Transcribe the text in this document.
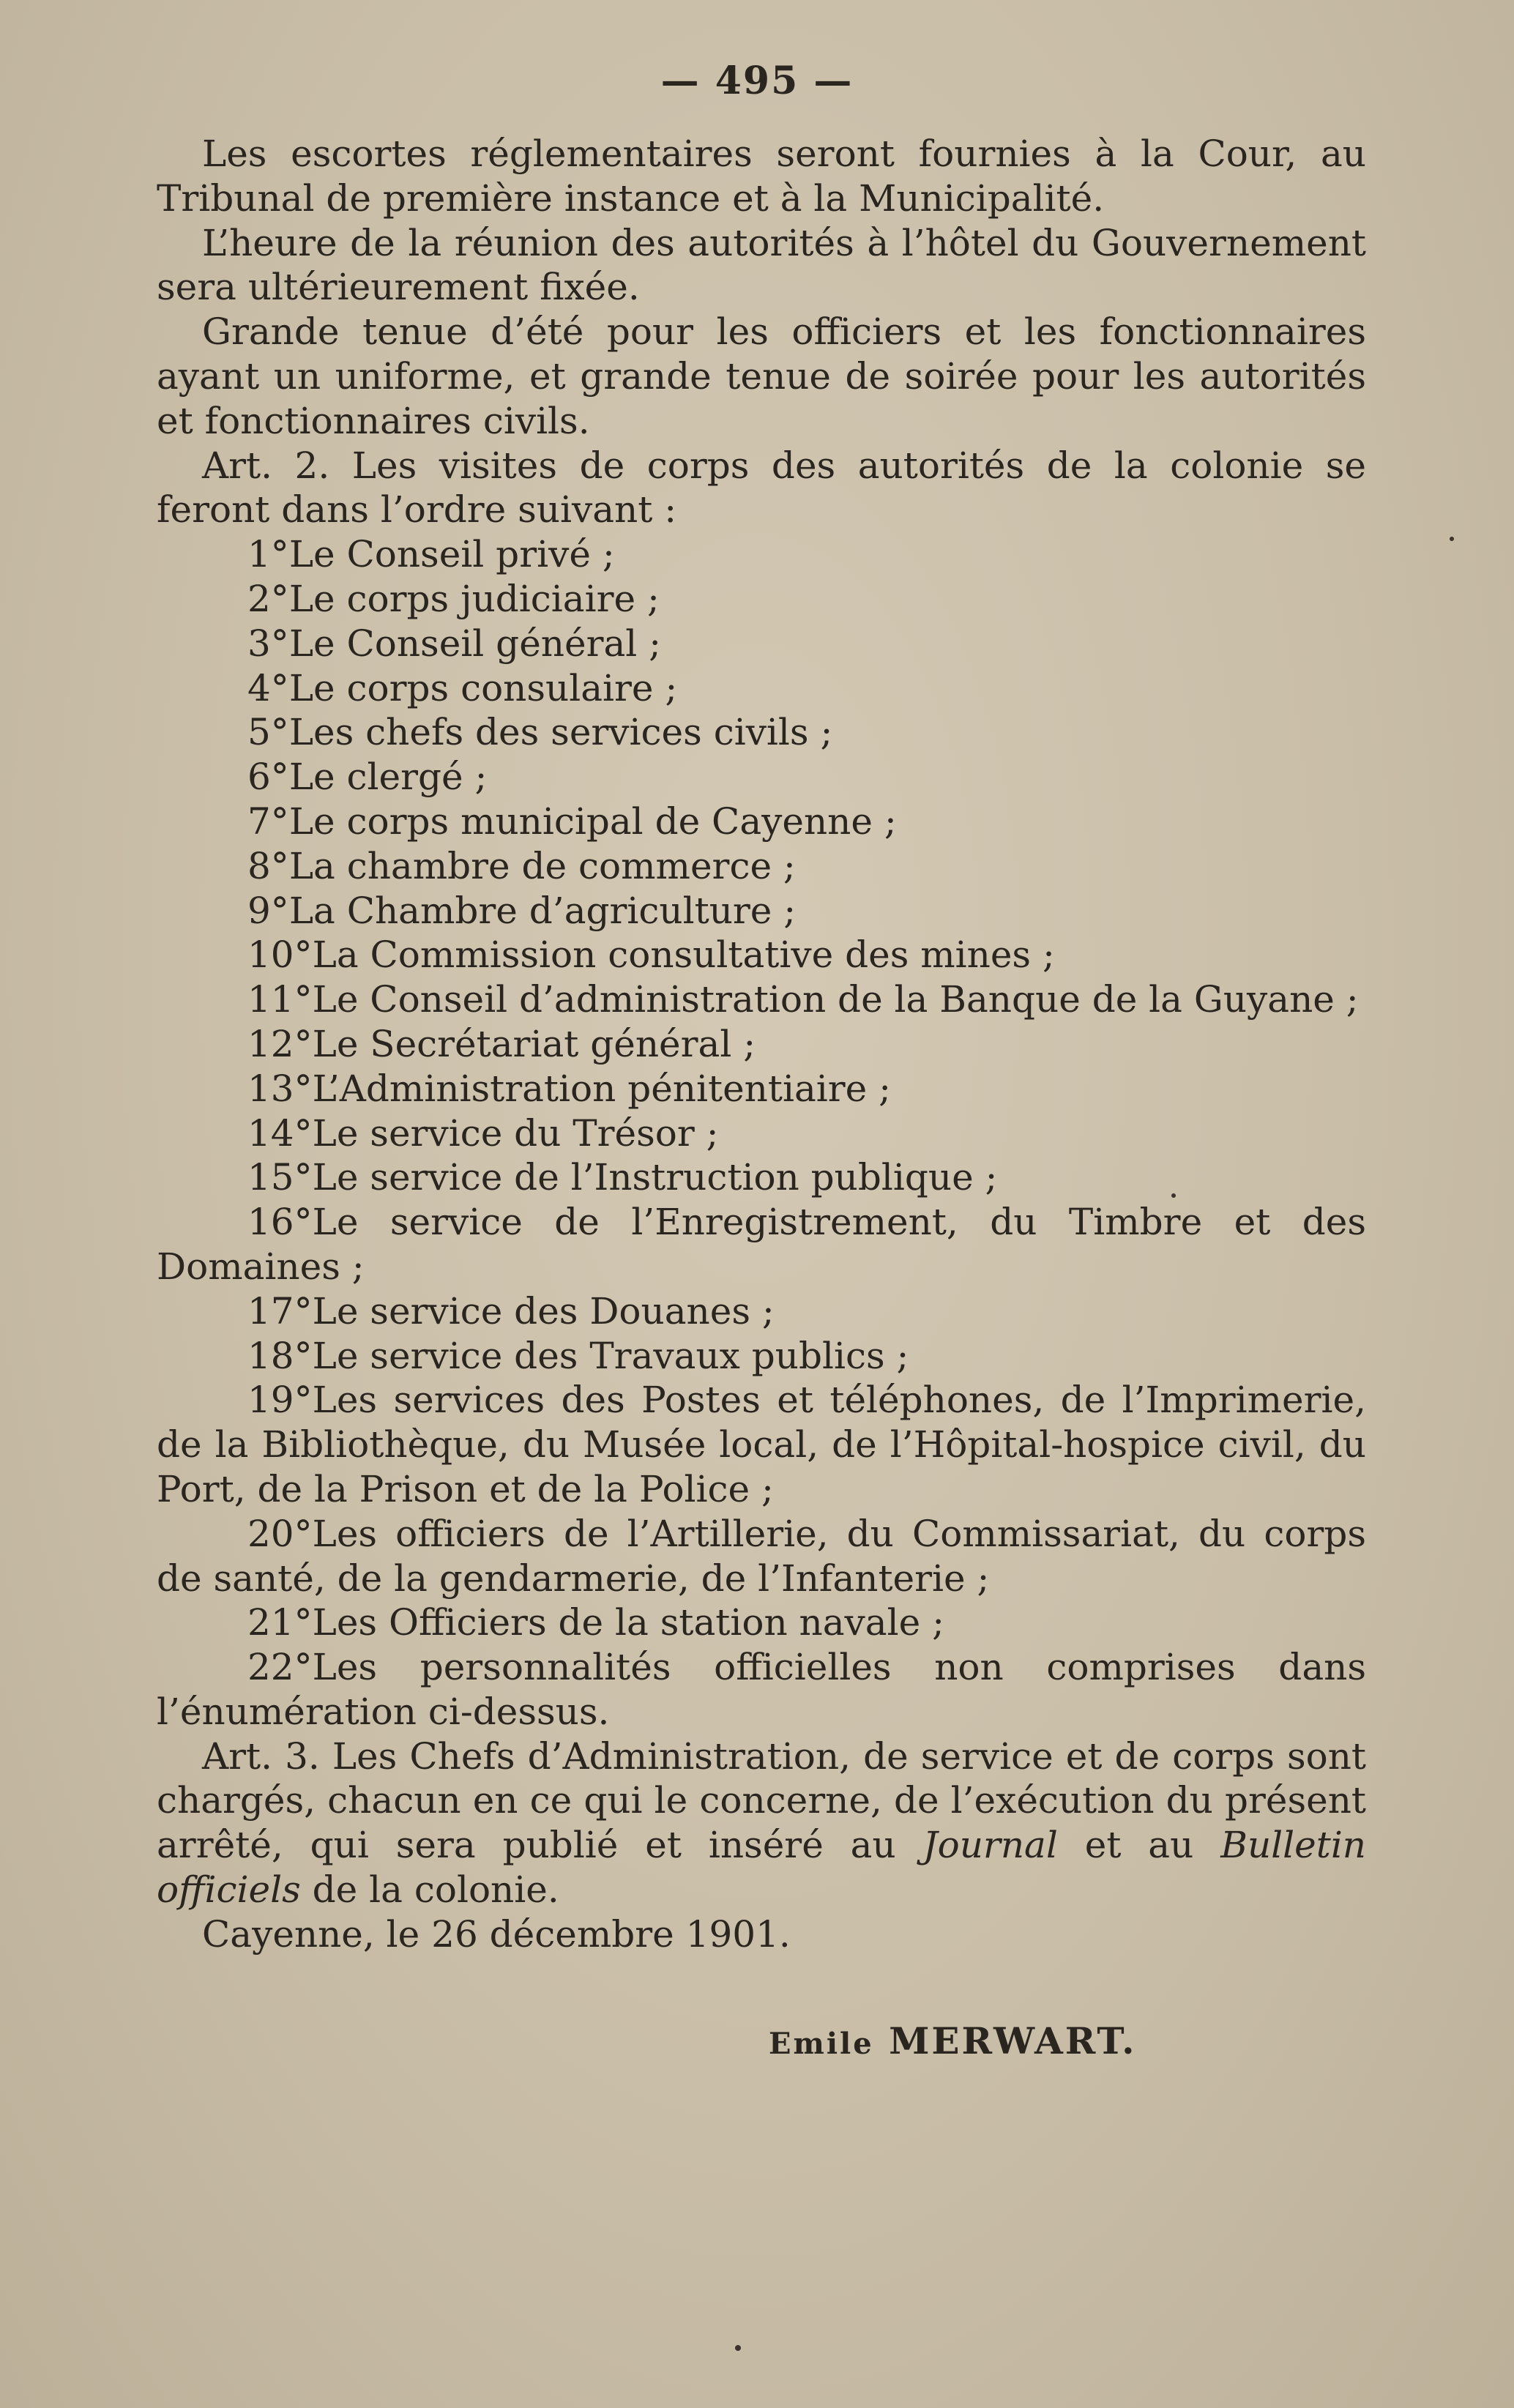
— 495 —

Les escortes réglementaires seront fournies à la Cour, au Tribunal de première instance et à la Municipalité.

L’heure de la réunion des autorités à l’hôtel du Gouvernement sera ultérieurement fixée.

Grande tenue d’été pour les officiers et les fonctionnaires ayant un uniforme, et grande tenue de soirée pour les autorités et fonctionnaires civils.

Art. 2. Les visites de corps des autorités de la colonie se feront dans l’ordre suivant :

1°Le Conseil privé ;

2°Le corps judiciaire ;

3°Le Conseil général ;

4°Le corps consulaire ;

5°Les chefs des services civils ;

6°Le clergé ;

7°Le corps municipal de Cayenne ;

8°La chambre de commerce ;

9°La Chambre d’agriculture ;

10°La Commission consultative des mines ;

11°Le Conseil d’administration de la Banque de la Guyane ;

12°Le Secrétariat général ;

13°L’Administration pénitentiaire ;

14°Le service du Trésor ;

15°Le service de l’Instruction publique ;

16°Le service de l’Enregistrement, du Timbre et des Domaines ;

17°Le service des Douanes ;

18°Le service des Travaux publics ;

19°Les services des Postes et téléphones, de l’Imprimerie, de la Bibliothèque, du Musée local, de l’Hôpital-hospice civil, du Port, de la Prison et de la Police ;

20°Les officiers de l’Artillerie, du Commissariat, du corps de santé, de la gendarmerie, de l’Infanterie ;

21°Les Officiers de la station navale ;

22°Les personnalités officielles non comprises dans l’énumération ci-dessus.

Art. 3. Les Chefs d’Administration, de service et de corps sont chargés, chacun en ce qui le concerne, de l’exécution du présent arrêté, qui sera publié et inséré au Journal et au Bulletin officiels de la colonie.

Cayenne, le 26 décembre 1901.

Emile MERWART.
